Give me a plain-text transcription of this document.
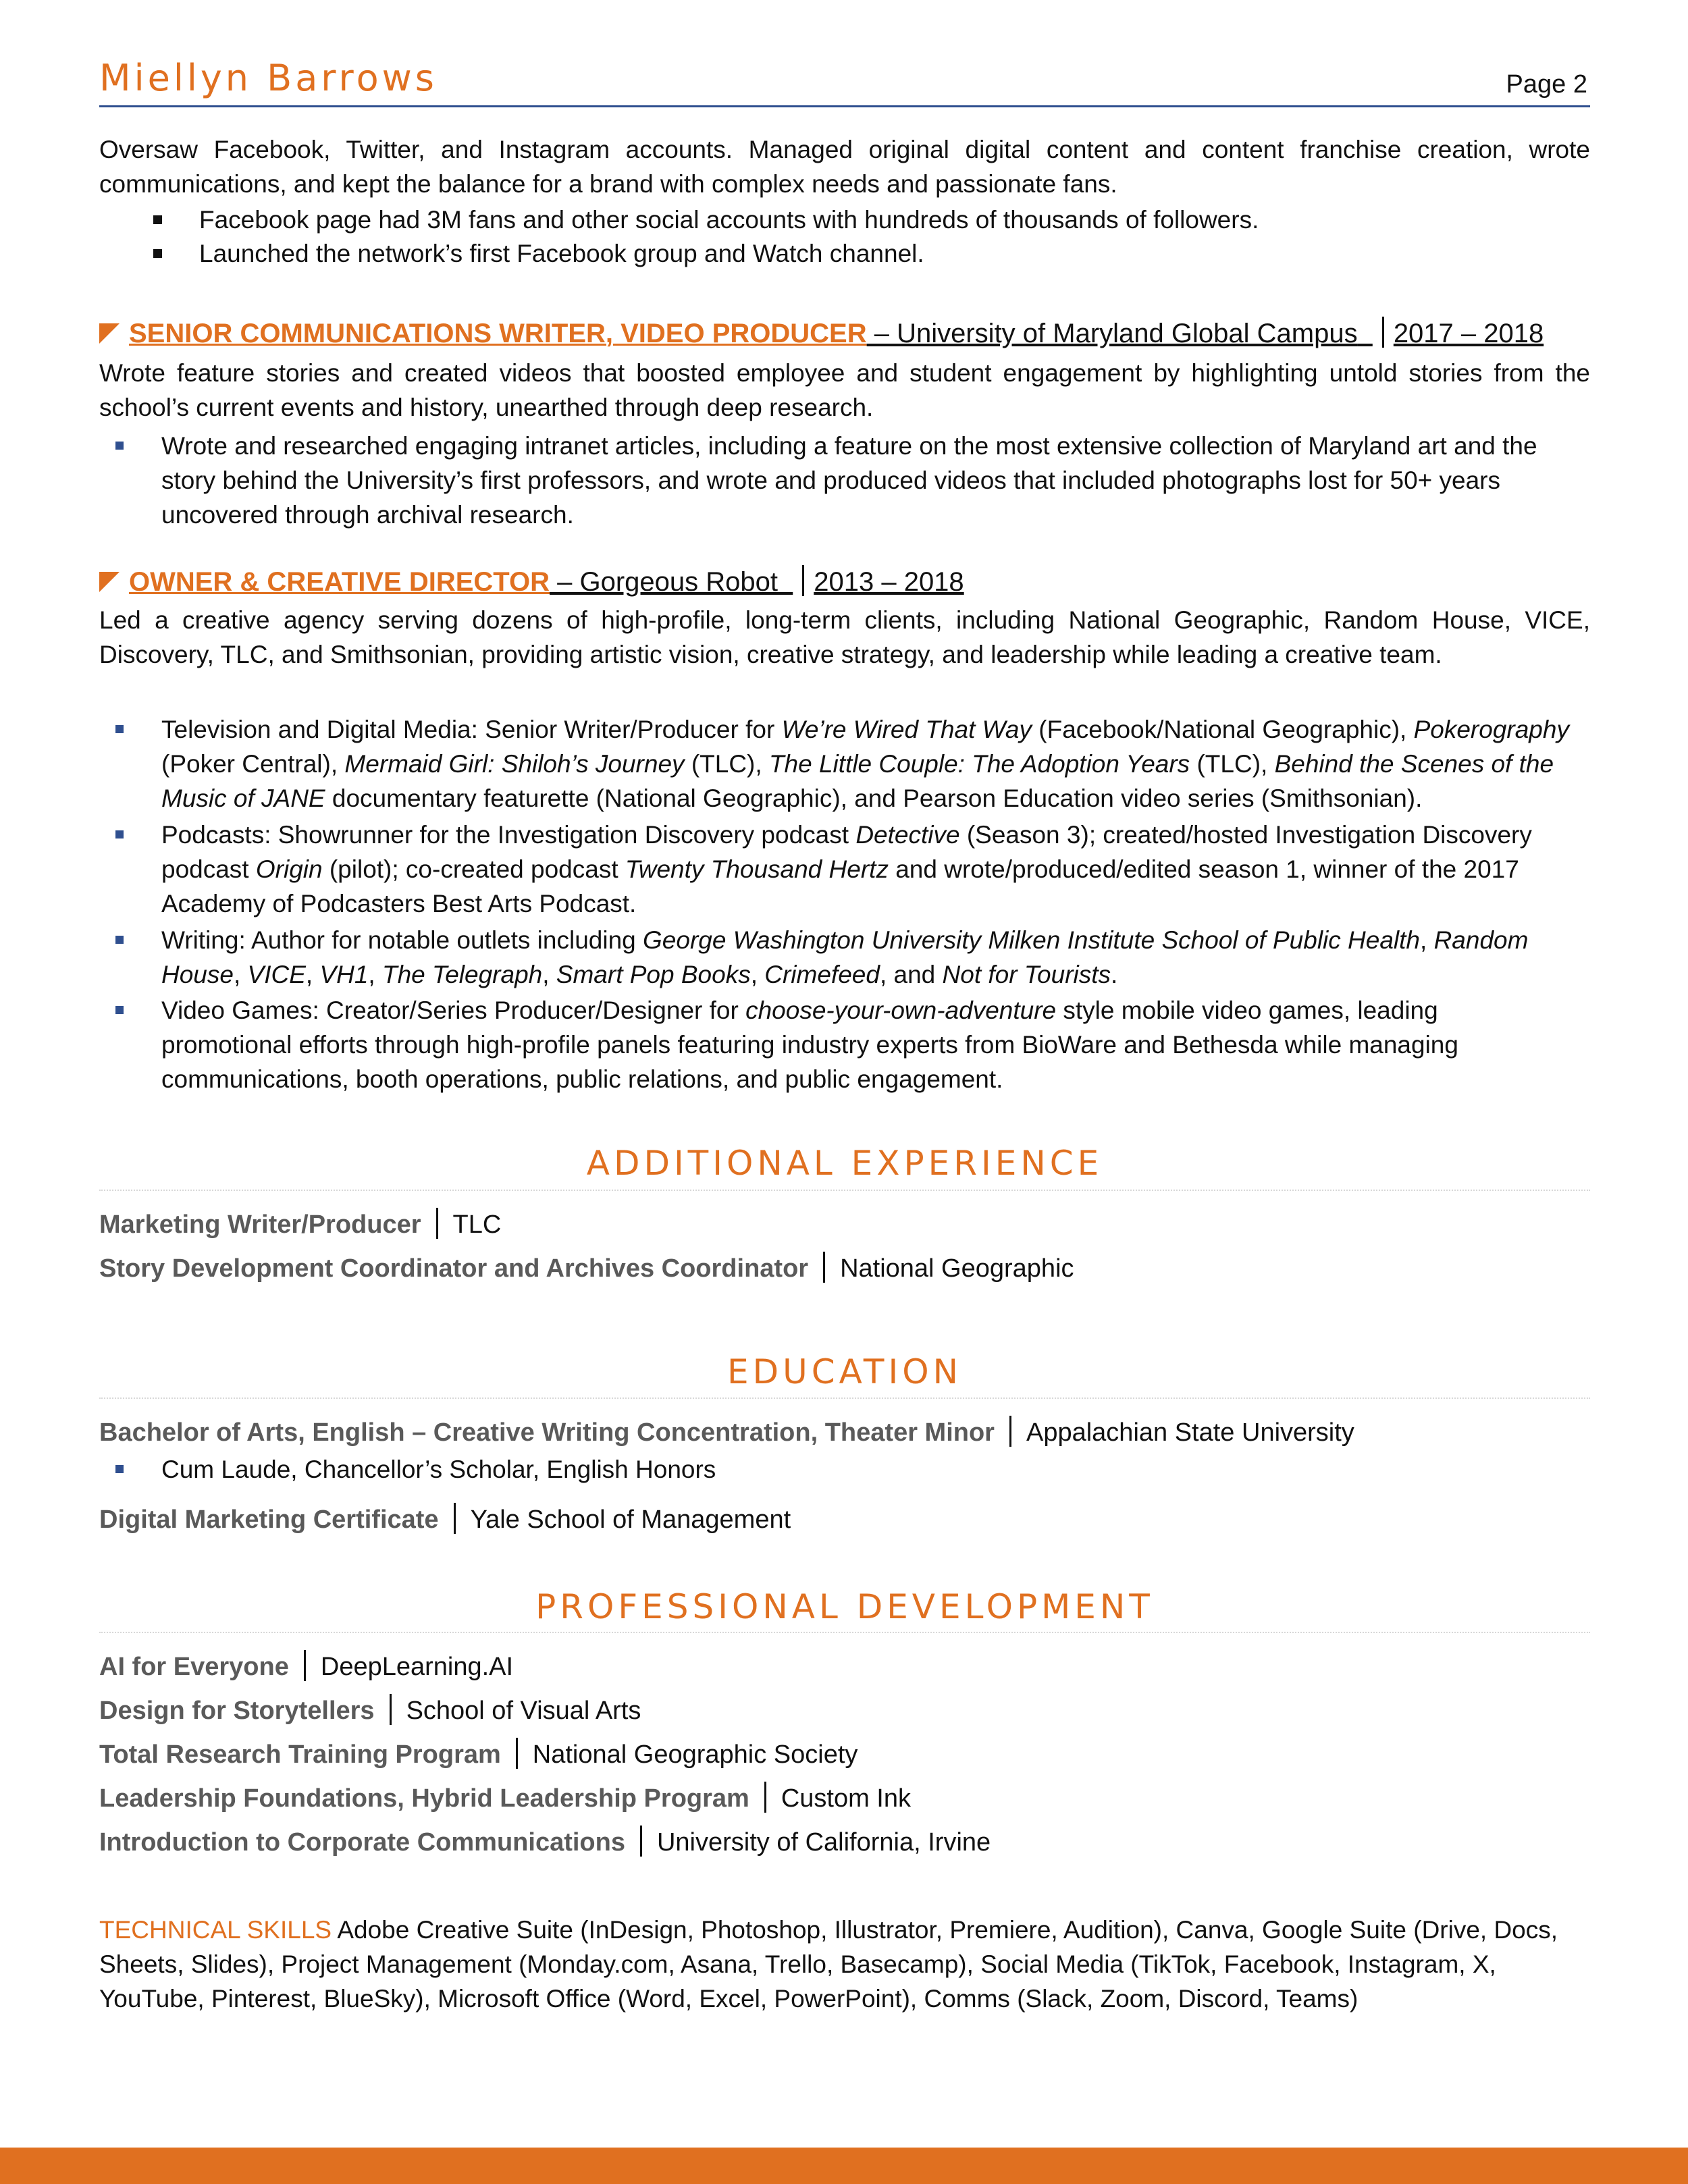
Miellyn Barrows	Page 2
Oversaw Facebook, Twitter, and Instagram accounts. Managed original digital content and content franchise creation, wrote communications, and kept the balance for a brand with complex needs and passionate fans.
Facebook page had 3M fans and other social accounts with hundreds of thousands of followers.
Launched the network’s first Facebook group and Watch channel.
SENIOR COMMUNICATIONS WRITER, VIDEO PRODUCER – University of Maryland Global Campus 2017 – 2018
Wrote feature stories and created videos that boosted employee and student engagement by highlighting untold stories from the school’s current events and history, unearthed through deep research.
Wrote and researched engaging intranet articles, including a feature on the most extensive collection of Maryland art and the story behind the University’s first professors, and wrote and produced videos that included photographs lost for 50+ years uncovered through archival research.
OWNER & CREATIVE DIRECTOR – Gorgeous Robot 2013 – 2018
Led a creative agency serving dozens of high-profile, long-term clients, including National Geographic, Random House, VICE, Discovery, TLC, and Smithsonian, providing artistic vision, creative strategy, and leadership while leading a creative team.
Television and Digital Media: Senior Writer/Producer for We’re Wired That Way (Facebook/National Geographic), Pokerography (Poker Central), Mermaid Girl: Shiloh’s Journey (TLC), The Little Couple: The Adoption Years (TLC), Behind the Scenes of the Music of JANE documentary featurette (National Geographic), and Pearson Education video series (Smithsonian).
Podcasts: Showrunner for the Investigation Discovery podcast Detective (Season 3); created/hosted Investigation Discovery podcast Origin (pilot); co-created podcast Twenty Thousand Hertz and wrote/produced/edited season 1, winner of the 2017 Academy of Podcasters Best Arts Podcast.
Writing: Author for notable outlets including George Washington University Milken Institute School of Public Health, Random House, VICE, VH1, The Telegraph, Smart Pop Books, Crimefeed, and Not for Tourists.
Video Games: Creator/Series Producer/Designer for choose-your-own-adventure style mobile video games, leading promotional efforts through high-profile panels featuring industry experts from BioWare and Bethesda while managing communications, booth operations, public relations, and public engagement.
ADDITIONAL EXPERIENCE
Marketing Writer/Producer TLC
Story Development Coordinator and Archives Coordinator National Geographic
EDUCATION
Bachelor of Arts, English – Creative Writing Concentration, Theater Minor Appalachian State University
Cum Laude, Chancellor’s Scholar, English Honors
Digital Marketing Certificate Yale School of Management
PROFESSIONAL DEVELOPMENT
AI for Everyone DeepLearning.AI
Design for Storytellers School of Visual Arts
Total Research Training Program National Geographic Society
Leadership Foundations, Hybrid Leadership Program Custom Ink
Introduction to Corporate Communications University of California, Irvine
TECHNICAL SKILLS Adobe Creative Suite (InDesign, Photoshop, Illustrator, Premiere, Audition), Canva, Google Suite (Drive, Docs, Sheets, Slides), Project Management (Monday.com, Asana, Trello, Basecamp), Social Media (TikTok, Facebook, Instagram, X, YouTube, Pinterest, BlueSky), Microsoft Office (Word, Excel, PowerPoint), Comms (Slack, Zoom, Discord, Teams)
